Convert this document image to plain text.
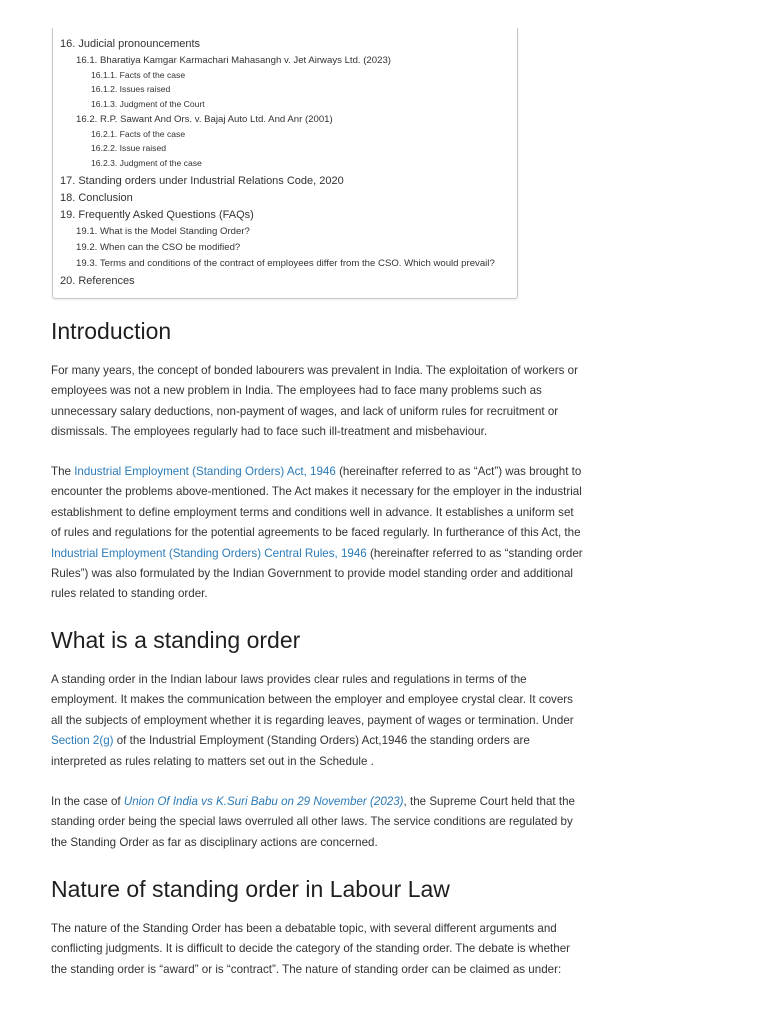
16. Judicial pronouncements
16.1. Bharatiya Kamgar Karmachari Mahasangh v. Jet Airways Ltd. (2023)
16.1.1. Facts of the case
16.1.2. Issues raised
16.1.3. Judgment of the Court
16.2. R.P. Sawant And Ors. v. Bajaj Auto Ltd. And Anr (2001)
16.2.1. Facts of the case
16.2.2. Issue raised
16.2.3. Judgment of the case
17. Standing orders under Industrial Relations Code, 2020
18. Conclusion
19. Frequently Asked Questions (FAQs)
19.1. What is the Model Standing Order?
19.2. When can the CSO be modified?
19.3. Terms and conditions of the contract of employees differ from the CSO. Which would prevail?
20. References
Introduction

For many years, the concept of bonded labourers was prevalent in India. The exploitation of workers or employees was not a new problem in India. The employees had to face many problems such as unnecessary salary deductions, non-payment of wages, and lack of uniform rules for recruitment or dismissals. The employees regularly had to face such ill-treatment and misbehaviour.

The Industrial Employment (Standing Orders) Act, 1946 (hereinafter referred to as “Act”) was brought to encounter the problems above-mentioned. The Act makes it necessary for the employer in the industrial establishment to define employment terms and conditions well in advance. It establishes a uniform set of rules and regulations for the potential agreements to be faced regularly. In furtherance of this Act, the Industrial Employment (Standing Orders) Central Rules, 1946 (hereinafter referred to as “standing order Rules”) was also formulated by the Indian Government to provide model standing order and additional rules related to standing order.

What is a standing order

A standing order in the Indian labour laws provides clear rules and regulations in terms of the employment. It makes the communication between the employer and employee crystal clear. It covers all the subjects of employment whether it is regarding leaves, payment of wages or termination. Under Section 2(g) of the Industrial Employment (Standing Orders) Act,1946 the standing orders are interpreted as rules relating to matters set out in the Schedule .

In the case of Union Of India vs K.Suri Babu on 29 November (2023), the Supreme Court held that the standing order being the special laws overruled all other laws. The service conditions are regulated by the Standing Order as far as disciplinary actions are concerned.

Nature of standing order in Labour Law

The nature of the Standing Order has been a debatable topic, with several different arguments and conflicting judgments. It is difficult to decide the category of the standing order. The debate is whether the standing order is “award” or is “contract”. The nature of standing order can be claimed as under:
